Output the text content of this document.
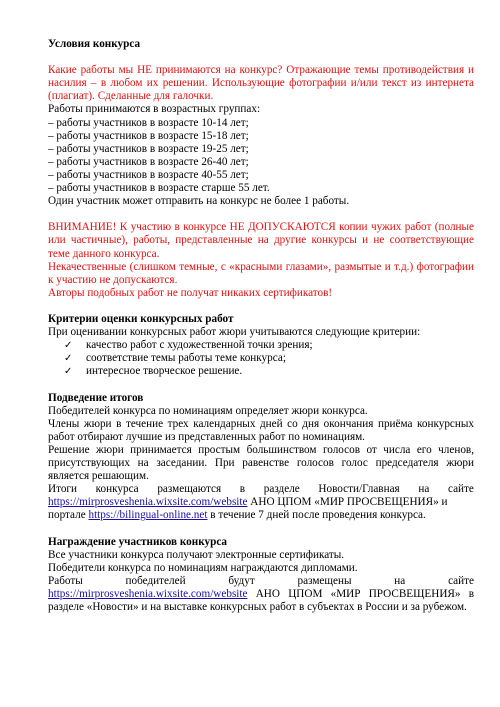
Условия конкурса

Какие работы мы НЕ принимаются на конкурс? Отражающие темы противодействия и насилия – в любом их решении. Использующие фотографии и/или текст из интернета (плагиат). Сделанные для галочки.

Работы принимаются в возрастных группах:

– работы участников в возрасте 10-14 лет;
– работы участников в возрасте 15-18 лет;
– работы участников в возрасте 19-25 лет;
– работы участников в возрасте 26-40 лет;
– работы участников в возрасте 40-55 лет;
– работы участников в возрасте старше 55 лет.

Один участник может отправить на конкурс не более 1 работы.

ВНИМАНИЕ! К участию в конкурсе НЕ ДОПУСКАЮТСЯ копии чужих работ (полные или частичные), работы, представленные на другие конкурсы и не соответствующие теме данного конкурса.

Некачественные (слишком темные, с «красными глазами», размытые и т.д.) фотографии к участию не допускаются.

Авторы подобных работ не получат никаких сертификатов!

Критерии оценки конкурсных работ

При оценивании конкурсных работ жюри учитываются следующие критерии:

✓ качество работ с художественной точки зрения;
✓ соответствие темы работы теме конкурса;
✓ интересное творческое решение.

Подведение итогов

Победителей конкурса по номинациям определяет жюри конкурса.

Члены жюри в течение трех календарных дней со дня окончания приёма конкурсных работ отбирают лучшие из представленных работ по номинациям.

Решение жюри принимается простым большинством голосов от числа его членов, присутствующих на заседании. При равенстве голосов голос председателя жюри является решающим.

Итоги конкурса размещаются в разделе Новости/Главная на сайте

https://mirprosveshenia.wixsite.com/website АНО ЦПОМ «МИР ПРОСВЕЩЕНИЯ» и порталe https://bilingual-online.net в течение 7 дней после проведения конкурса.

Награждение участников конкурса

Все участники конкурса получают электронные сертификаты.

Победители конкурса по номинациям награждаются дипломами.

Работы	победителей	будут	размещены	на	сайте

https://mirprosveshenia.wixsite.com/website АНО ЦПОМ «МИР ПРОСВЕЩЕНИЯ» в разделе «Новости» и на выставке конкурсных работ в субъектах в России и за рубежом.
